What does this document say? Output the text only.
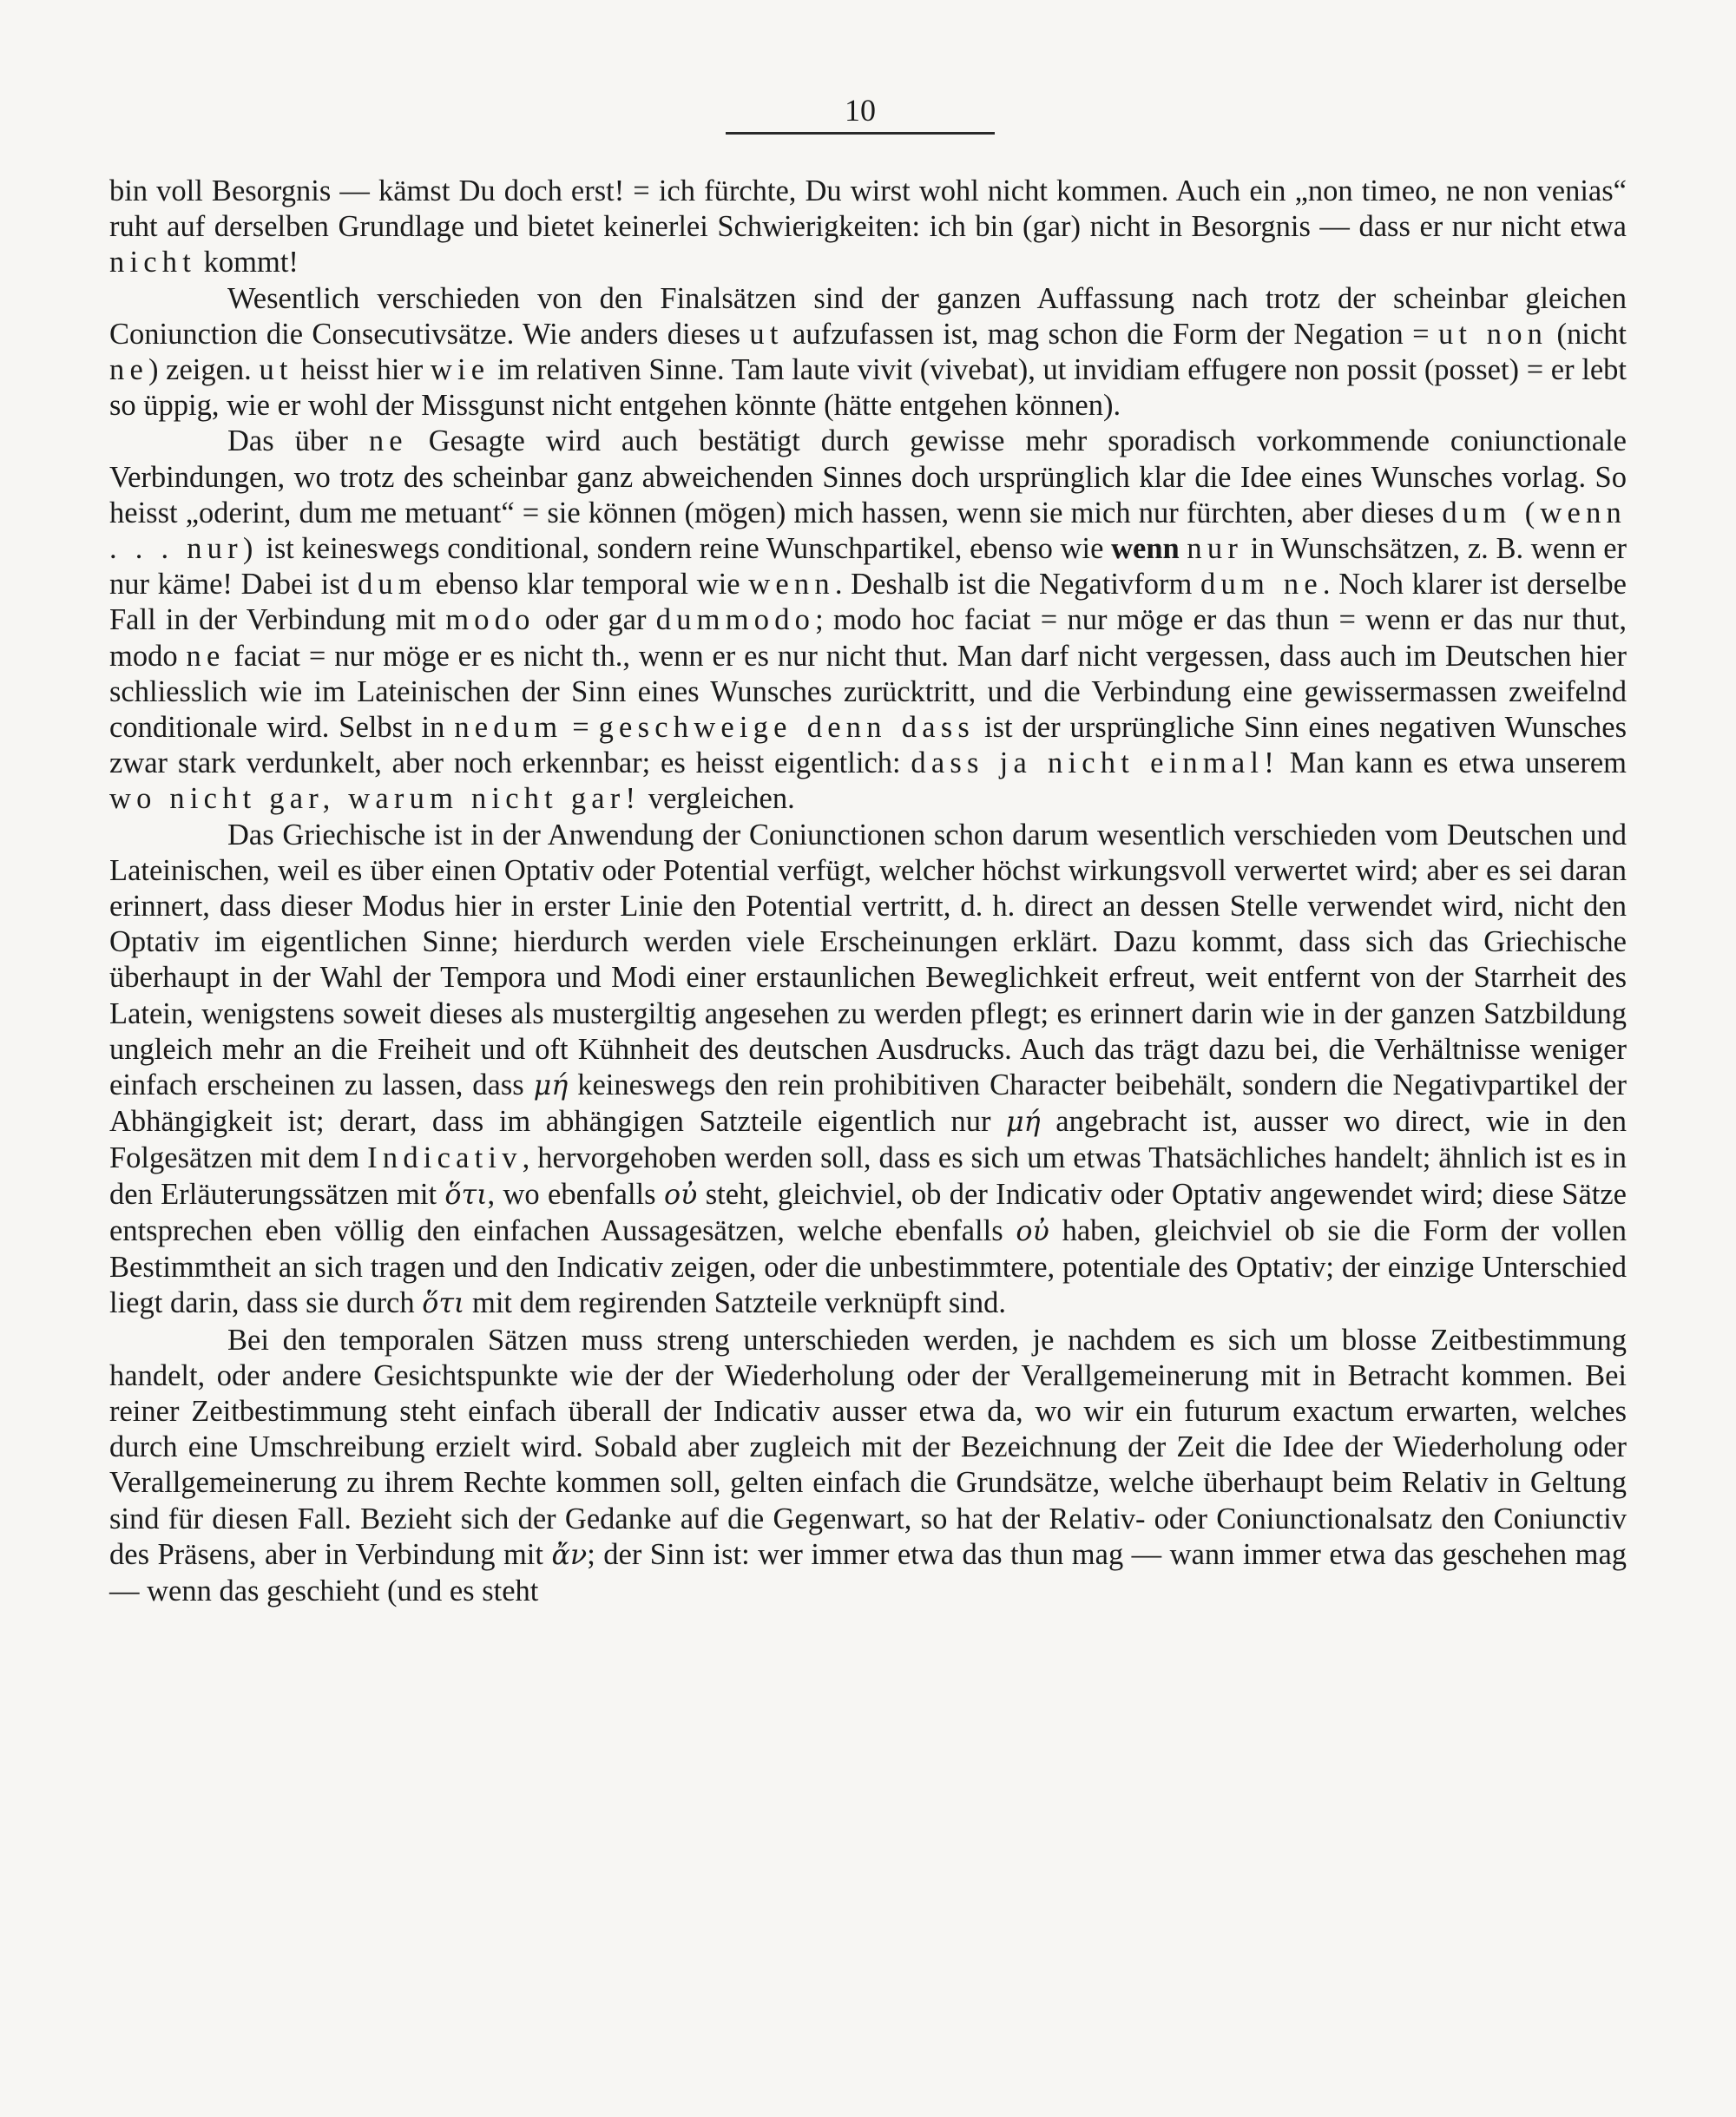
10

bin voll Besorgnis — kämst Du doch erst! = ich fürchte, Du wirst wohl nicht kommen. Auch ein „non timeo, ne non venias“ ruht auf derselben Grundlage und bietet keinerlei Schwierigkeiten: ich bin (gar) nicht in Besorgnis — dass er nur nicht etwa nicht kommt!

Wesentlich verschieden von den Finalsätzen sind der ganzen Auffassung nach trotz der scheinbar gleichen Coniunction die Consecutivsätze. Wie anders dieses ut aufzufassen ist, mag schon die Form der Negation = ut non (nicht ne) zeigen. ut heisst hier wie im relativen Sinne. Tam laute vivit (vivebat), ut invidiam effugere non possit (posset) = er lebt so üppig, wie er wohl der Missgunst nicht entgehen könnte (hätte entgehen können).

Das über ne Gesagte wird auch bestätigt durch gewisse mehr sporadisch vorkommende coniunctionale Verbindungen, wo trotz des scheinbar ganz abweichenden Sinnes doch ursprünglich klar die Idee eines Wunsches vorlag. So heisst „oderint, dum me metuant“ = sie können (mögen) mich hassen, wenn sie mich nur fürchten, aber dieses dum (wenn . . . nur) ist keineswegs conditional, sondern reine Wunschpartikel, ebenso wie wenn nur in Wunschsätzen, z. B. wenn er nur käme! Dabei ist dum ebenso klar temporal wie wenn. Deshalb ist die Negativform dum ne. Noch klarer ist derselbe Fall in der Verbindung mit modo oder gar dummodo; modo hoc faciat = nur möge er das thun = wenn er das nur thut, modo ne faciat = nur möge er es nicht th., wenn er es nur nicht thut. Man darf nicht vergessen, dass auch im Deutschen hier schliesslich wie im Lateinischen der Sinn eines Wunsches zurücktritt, und die Verbindung eine gewissermassen zweifelnd conditionale wird. Selbst in nedum = geschweige denn dass ist der ursprüngliche Sinn eines negativen Wunsches zwar stark verdunkelt, aber noch erkennbar; es heisst eigentlich: dass ja nicht einmal! Man kann es etwa unserem wo nicht gar, warum nicht gar! vergleichen.

Das Griechische ist in der Anwendung der Coniunctionen schon darum wesentlich verschieden vom Deutschen und Lateinischen, weil es über einen Optativ oder Potential verfügt, welcher höchst wirkungsvoll verwertet wird; aber es sei daran erinnert, dass dieser Modus hier in erster Linie den Potential vertritt, d. h. direct an dessen Stelle verwendet wird, nicht den Optativ im eigentlichen Sinne; hierdurch werden viele Erscheinungen erklärt. Dazu kommt, dass sich das Griechische überhaupt in der Wahl der Tempora und Modi einer erstaunlichen Beweglichkeit erfreut, weit entfernt von der Starrheit des Latein, wenigstens soweit dieses als mustergiltig angesehen zu werden pflegt; es erinnert darin wie in der ganzen Satzbildung ungleich mehr an die Freiheit und oft Kühnheit des deutschen Ausdrucks. Auch das trägt dazu bei, die Verhältnisse weniger einfach erscheinen zu lassen, dass μή keineswegs den rein prohibitiven Character beibehält, sondern die Negativpartikel der Abhängigkeit ist; derart, dass im abhängigen Satzteile eigentlich nur μή angebracht ist, ausser wo direct, wie in den Folgesätzen mit dem Indicativ, hervorgehoben werden soll, dass es sich um etwas Thatsächliches handelt; ähnlich ist es in den Erläuterungssätzen mit ὅτι, wo ebenfalls οὐ steht, gleichviel, ob der Indicativ oder Optativ angewendet wird; diese Sätze entsprechen eben völlig den einfachen Aussagesätzen, welche ebenfalls οὐ haben, gleichviel ob sie die Form der vollen Bestimmtheit an sich tragen und den Indicativ zeigen, oder die unbestimmtere, potentiale des Optativ; der einzige Unterschied liegt darin, dass sie durch ὅτι mit dem regirenden Satzteile verknüpft sind.

Bei den temporalen Sätzen muss streng unterschieden werden, je nachdem es sich um blosse Zeitbestimmung handelt, oder andere Gesichtspunkte wie der der Wiederholung oder der Verallgemeinerung mit in Betracht kommen. Bei reiner Zeitbestimmung steht einfach überall der Indicativ ausser etwa da, wo wir ein futurum exactum erwarten, welches durch eine Umschreibung erzielt wird. Sobald aber zugleich mit der Bezeichnung der Zeit die Idee der Wiederholung oder Verallgemeinerung zu ihrem Rechte kommen soll, gelten einfach die Grundsätze, welche überhaupt beim Relativ in Geltung sind für diesen Fall. Bezieht sich der Gedanke auf die Gegenwart, so hat der Relativ- oder Coniunctionalsatz den Coniunctiv des Präsens, aber in Verbindung mit ἄν; der Sinn ist: wer immer etwa das thun mag — wann immer etwa das geschehen mag — wenn das geschieht (und es steht
